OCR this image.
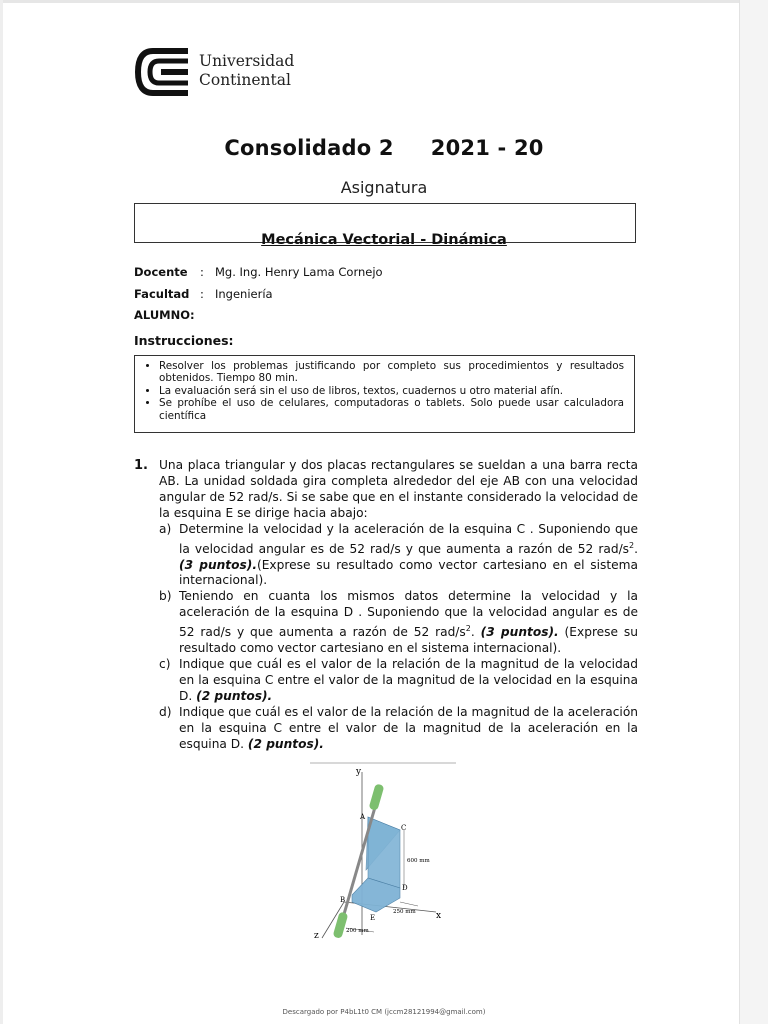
Universidad
Continental
Consolidado 2 2021 - 20
Asignatura
Mecánica Vectorial - Dinámica
Docente : Mg. Ing. Henry Lama Cornejo
Facultad : Ingeniería
ALUMNO:
Instrucciones:
• Resolver los problemas justificando por completo sus procedimientos y resultados obtenidos. Tiempo 80 min.
• La evaluación será sin el uso de libros, textos, cuadernos u otro material afín.
• Se prohíbe el uso de celulares, computadoras o tablets. Solo puede usar calculadora científica
1. Una placa triangular y dos placas rectangulares se sueldan a una barra recta AB. La unidad soldada gira completa alrededor del eje AB con una velocidad angular de 52 rad/s. Si se sabe que en el instante considerado la velocidad de la esquina E se dirige hacia abajo:

a) Determine la velocidad y la aceleración de la esquina C . Suponiendo que la velocidad angular es de 52 rad/s y que aumenta a razón de 52 rad/$s^2$. (3 puntos).(Exprese su resultado como vector cartesiano en el sistema internacional).
b) Teniendo en cuanta los mismos datos determine la velocidad y la aceleración de la esquina D . Suponiendo que la velocidad angular es de 52 rad/s y que aumenta a razón de 52 rad/$s^2$. (3 puntos). (Exprese su resultado como vector cartesiano en el sistema internacional).
c) Indique que cuál es el valor de la relación de la magnitud de la velocidad en la esquina C entre el valor de la magnitud de la velocidad en la esquina D. (2 puntos).
d) Indique que cuál es el valor de la relación de la magnitud de la aceleración en la esquina C entre el valor de la magnitud de la aceleración en la esquina D. (2 puntos).
y
x
z
A
B
C
D
E
600 mm
250 mm
200 mm
Descargado por P4bL1t0 CM (jccm28121994@gmail.com)
